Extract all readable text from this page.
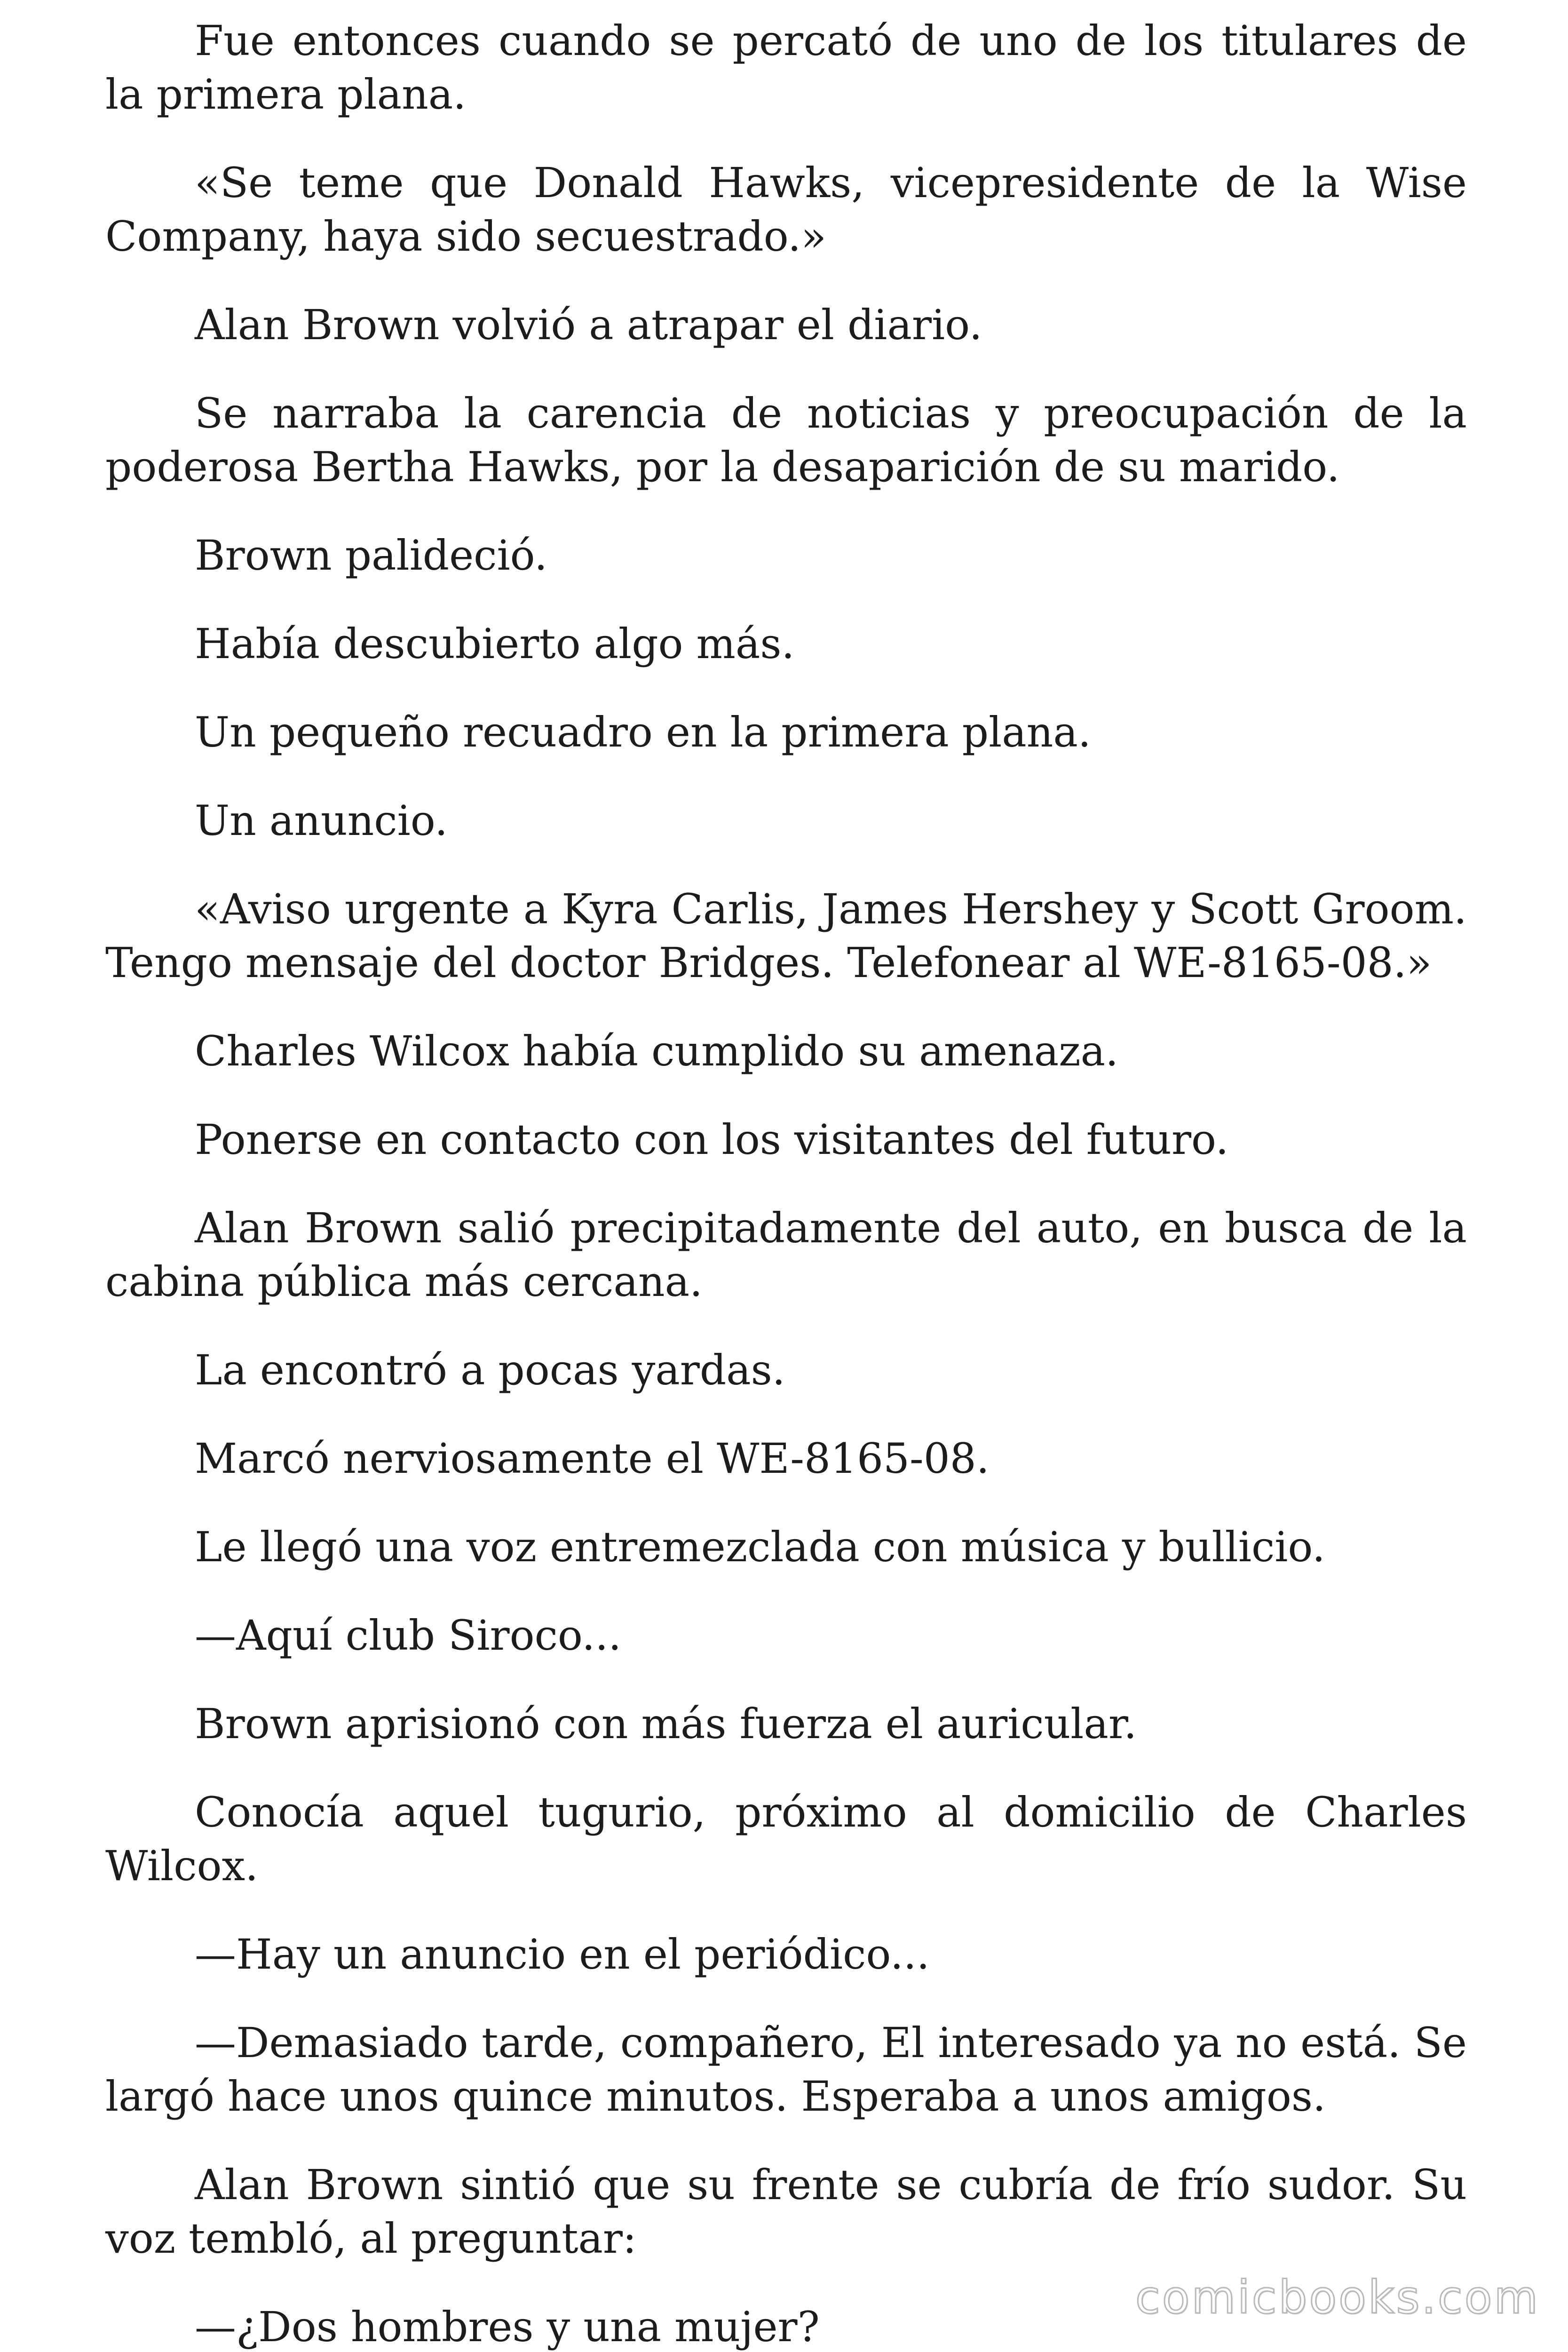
Fue entonces cuando se percató de uno de los titulares de la primera plana.

«Se teme que Donald Hawks, vicepresidente de la Wise Company, haya sido secuestrado.»

Alan Brown volvió a atrapar el diario.

Se narraba la carencia de noticias y preocupación de la poderosa Bertha Hawks, por la desaparición de su marido.

Brown palideció.

Había descubierto algo más.

Un pequeño recuadro en la primera plana.

Un anuncio.

«Aviso urgente a Kyra Carlis, James Hershey y Scott Groom. Tengo mensaje del doctor Bridges. Telefonear al WE-8165-08.»

Charles Wilcox había cumplido su amenaza.

Ponerse en contacto con los visitantes del futuro.

Alan Brown salió precipitadamente del auto, en busca de la cabina pública más cercana.

La encontró a pocas yardas.

Marcó nerviosamente el WE-8165-08.

Le llegó una voz entremezclada con música y bullicio.

—Aquí club Siroco...

Brown aprisionó con más fuerza el auricular.

Conocía aquel tugurio, próximo al domicilio de Charles Wilcox.

—Hay un anuncio en el periódico...

—Demasiado tarde, compañero, El interesado ya no está. Se largó hace unos quince minutos. Esperaba a unos amigos.

Alan Brown sintió que su frente se cubría de frío sudor. Su voz tembló, al preguntar:

—¿Dos hombres y una mujer?

comicbooks.com
